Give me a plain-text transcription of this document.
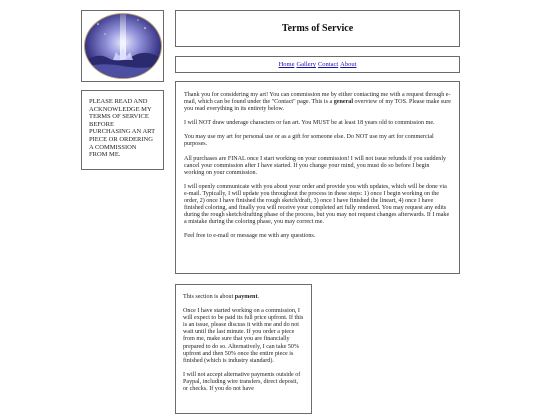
PLEASE READ AND ACKNOWLEDGE MY TERMS OF SERVICE BEFORE PURCHASING AN ART PIECE OR ORDERING A COMMISSION FROM ME.
Terms of Service
Home Gallery Contact About

Thank you for considering my art! You can commission me by either contacting me with a request through e-mail, which can be found under the "Contact" page. This is a general overview of my TOS. Please make sure you read everything in its entirety below.

I will NOT draw underage characters or fan art. You MUST be at least 18 years old to commission me.

You may use my art for personal use or as a gift for someone else. Do NOT use my art for commercial purposes.

All purchases are FINAL once I start working on your commission! I will not issue refunds if you suddenly cancel your commission after I have started. If you change your mind, you must do so before I begin working on your commission.

I will openly communicate with you about your order and provide you with updates, which will be done via e-mail. Typically, I will update you throughout the process in these steps: 1) once I begin working on the order, 2) once I have finished the rough sketch/draft, 3) once I have finished the lineart, 4) once I have finished coloring, and finally you will receive your completed art fully rendered. You may request any edits during the rough sketch/drafting phase of the process, but you may not request changes afterwards. If I make a mistake during the coloring phase, you may correct me.

Feel free to e-mail or message me with any questions.

This section is about payment.

Once I have started working on a commission, I will expect to be paid its full price upfront. If this is an issue, please discuss it with me and do not wait until the last minute. If you order a piece from me, make sure that you are financially prepared to do so. Alternatively, I can take 50% upfront and then 50% once the entire piece is finished (which is industry standard).

I will not accept alternative payments outside of Paypal, including wire transfers, direct deposit, or checks. If you do not have
